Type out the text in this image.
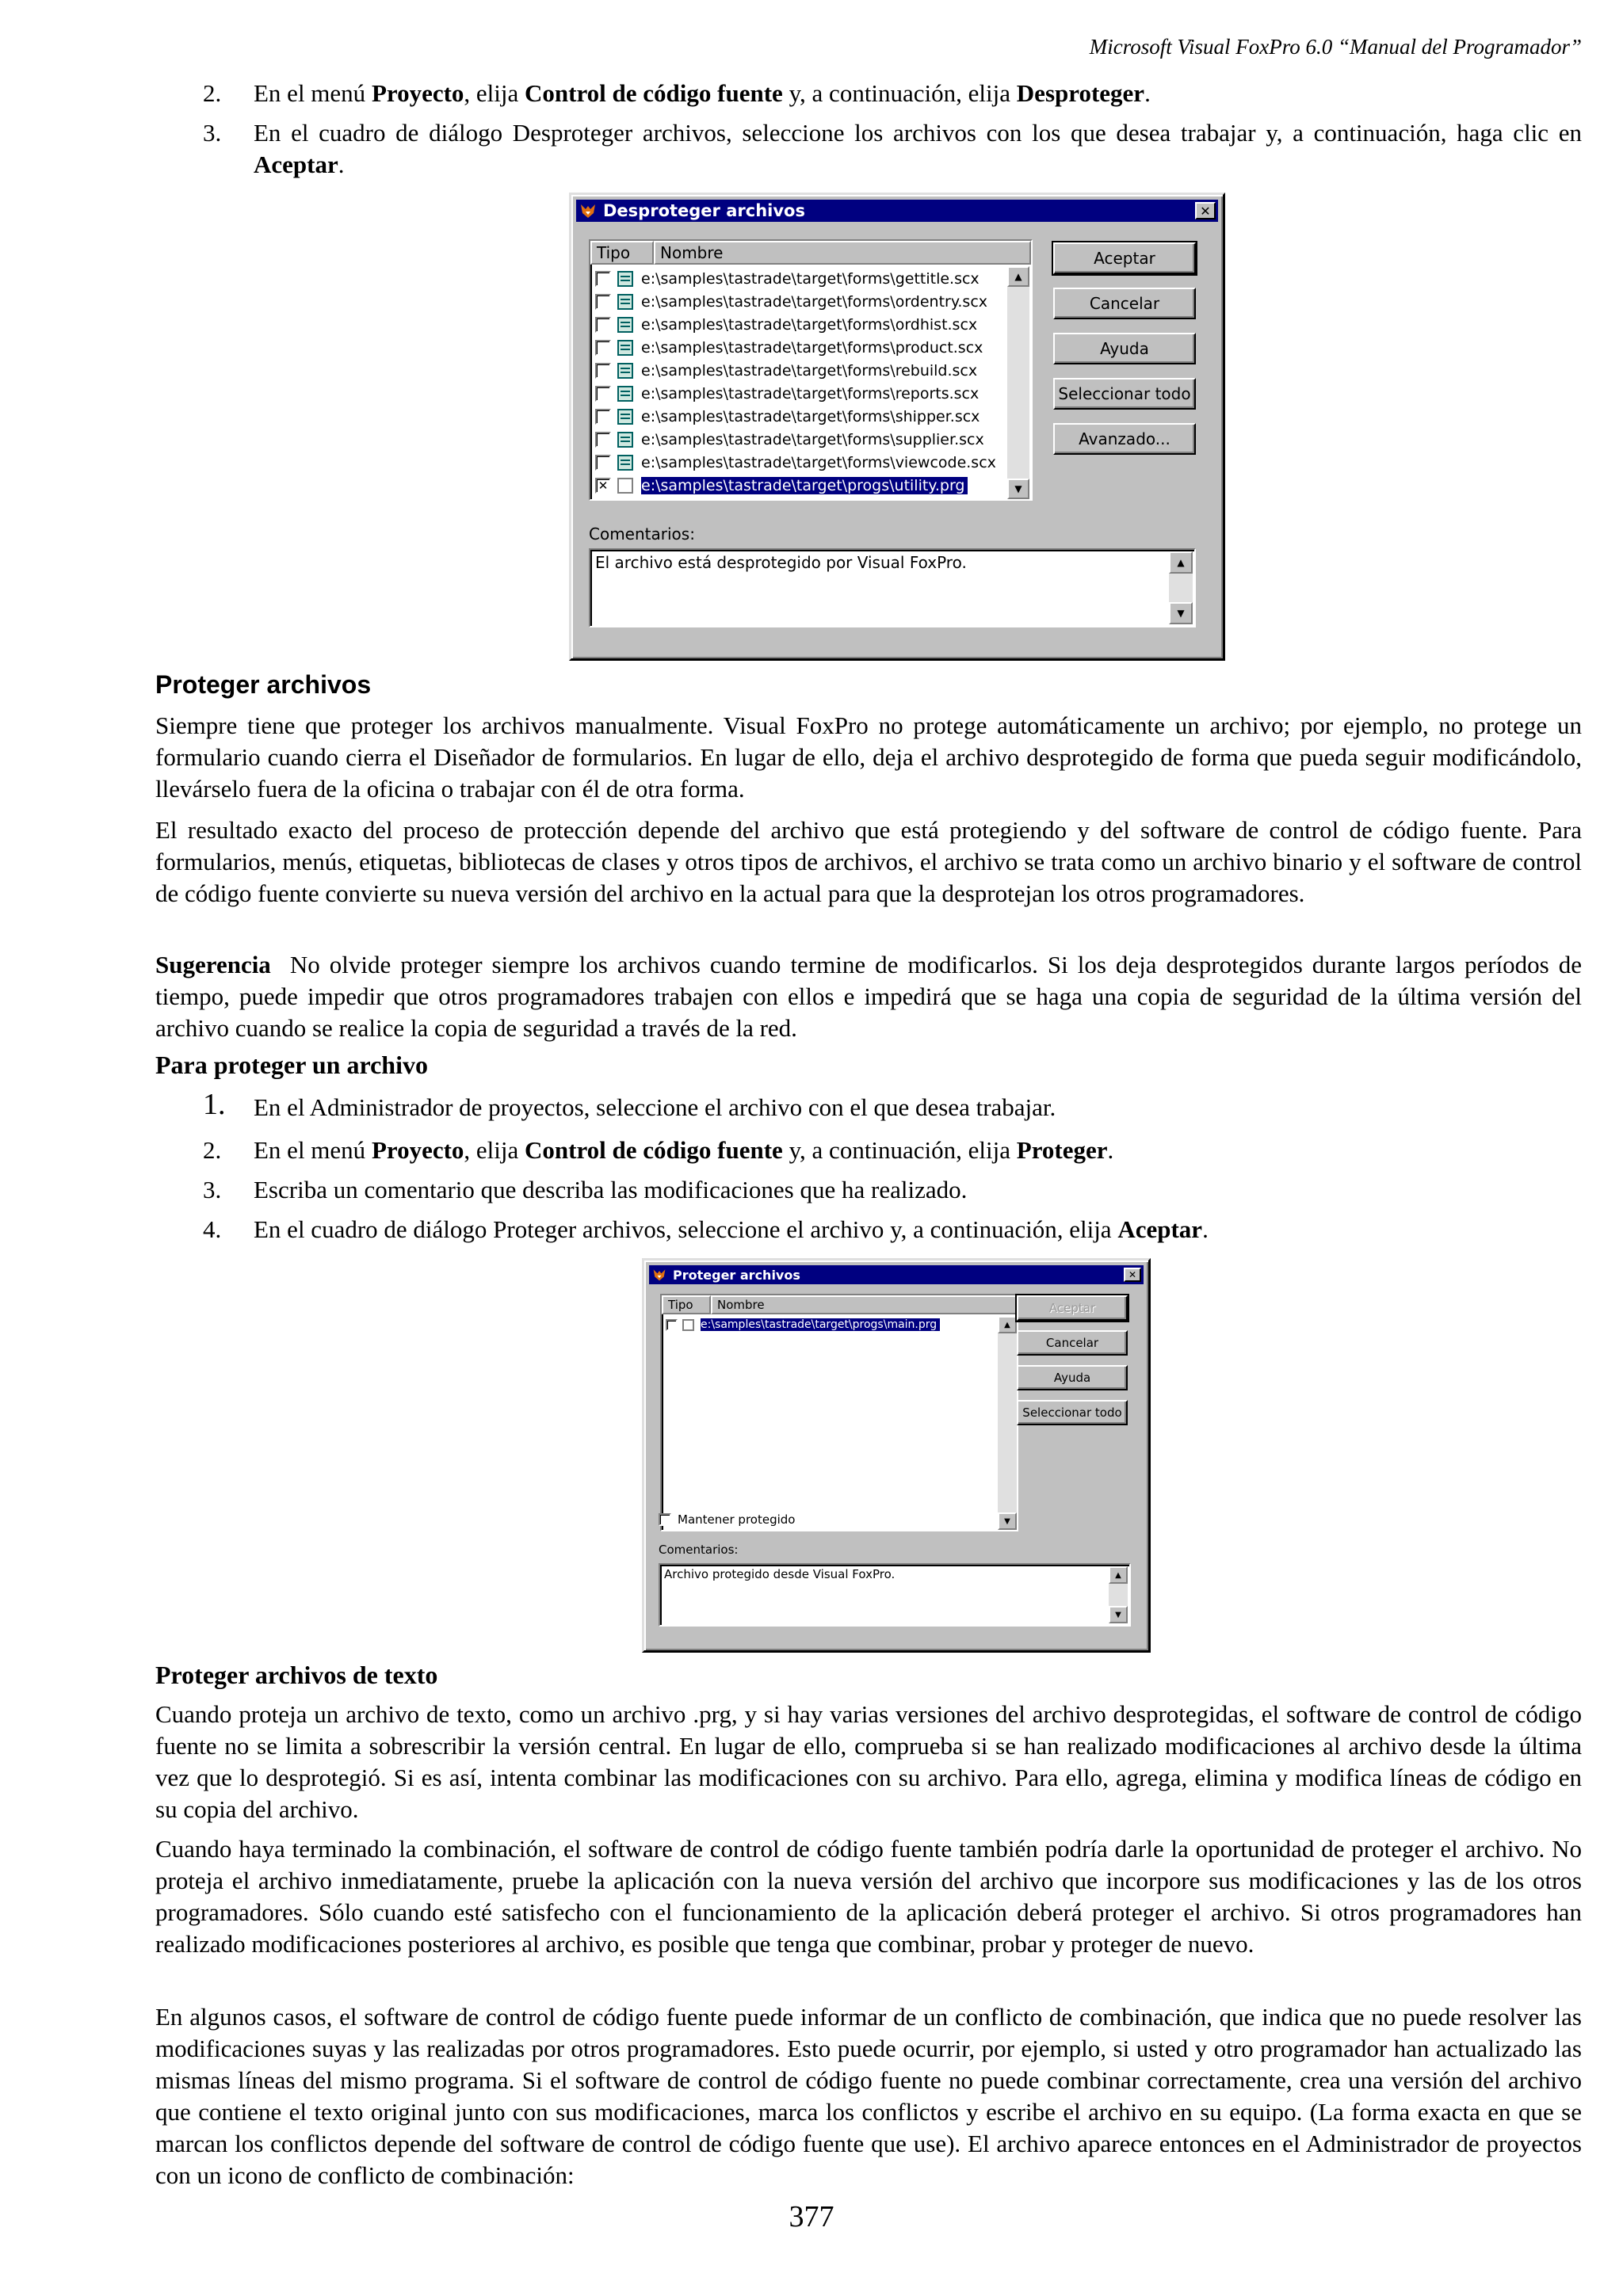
Microsoft Visual FoxPro 6.0 “Manual del Programador”
2. En el menú Proyecto, elija Control de código fuente y, a continuación, elija Desproteger.
3. En el cuadro de diálogo Desproteger archivos, seleccione los archivos con los que desea trabajar y, a continuación, haga clic en Aceptar.
Desproteger archivos	✕
Tipo	Nombre
e:\samples\tastrade\target\forms\gettitle.scx
e:\samples\tastrade\target\forms\ordentry.scx
e:\samples\tastrade\target\forms\ordhist.scx
e:\samples\tastrade\target\forms\product.scx
e:\samples\tastrade\target\forms\rebuild.scx
e:\samples\tastrade\target\forms\reports.scx
e:\samples\tastrade\target\forms\shipper.scx
e:\samples\tastrade\target\forms\supplier.scx
e:\samples\tastrade\target\forms\viewcode.scx
✕ e:\samples\tastrade\target\progs\utility.prg
▲
▼
Aceptar
Cancelar
Ayuda
Seleccionar todo
Avanzado...
Comentarios:
El archivo está desprotegido por Visual FoxPro.	▲
▼
Proteger archivos
Siempre tiene que proteger los archivos manualmente. Visual FoxPro no protege automáticamente un archivo; por ejemplo, no protege un formulario cuando cierra el Diseñador de formularios. En lugar de ello, deja el archivo desprotegido de forma que pueda seguir modificándolo, llevárselo fuera de la oficina o trabajar con él de otra forma.
El resultado exacto del proceso de protección depende del archivo que está protegiendo y del software de control de código fuente. Para formularios, menús, etiquetas, bibliotecas de clases y otros tipos de archivos, el archivo se trata como un archivo binario y el software de control de código fuente convierte su nueva versión del archivo en la actual para que la desprotejan los otros programadores.
Sugerencia No olvide proteger siempre los archivos cuando termine de modificarlos. Si los deja desprotegidos durante largos períodos de tiempo, puede impedir que otros programadores trabajen con ellos e impedirá que se haga una copia de seguridad de la última versión del archivo cuando se realice la copia de seguridad a través de la red.
Para proteger un archivo
1. En el Administrador de proyectos, seleccione el archivo con el que desea trabajar.
2. En el menú Proyecto, elija Control de código fuente y, a continuación, elija Proteger.
3. Escriba un comentario que describa las modificaciones que ha realizado.
4. En el cuadro de diálogo Proteger archivos, seleccione el archivo y, a continuación, elija Aceptar.
Proteger archivos	✕
Tipo	Nombre
e:\samples\tastrade\target\progs\main.prg	▲
▼
Aceptar
Cancelar
Ayuda
Seleccionar todo
Mantener protegido
Comentarios:
Archivo protegido desde Visual FoxPro.	▲
▼
Proteger archivos de texto
Cuando proteja un archivo de texto, como un archivo .prg, y si hay varias versiones del archivo desprotegidas, el software de control de código fuente no se limita a sobrescribir la versión central. En lugar de ello, comprueba si se han realizado modificaciones al archivo desde la última vez que lo desprotegió. Si es así, intenta combinar las modificaciones con su archivo. Para ello, agrega, elimina y modifica líneas de código en su copia del archivo.
Cuando haya terminado la combinación, el software de control de código fuente también podría darle la oportunidad de proteger el archivo. No proteja el archivo inmediatamente, pruebe la aplicación con la nueva versión del archivo que incorpore sus modificaciones y las de los otros programadores. Sólo cuando esté satisfecho con el funcionamiento de la aplicación deberá proteger el archivo. Si otros programadores han realizado modificaciones posteriores al archivo, es posible que tenga que combinar, probar y proteger de nuevo.
En algunos casos, el software de control de código fuente puede informar de un conflicto de combinación, que indica que no puede resolver las modificaciones suyas y las realizadas por otros programadores. Esto puede ocurrir, por ejemplo, si usted y otro programador han actualizado las mismas líneas del mismo programa. Si el software de control de código fuente no puede combinar correctamente, crea una versión del archivo que contiene el texto original junto con sus modificaciones, marca los conflictos y escribe el archivo en su equipo. (La forma exacta en que se marcan los conflictos depende del software de control de código fuente que use). El archivo aparece entonces en el Administrador de proyectos con un icono de conflicto de combinación:
377
